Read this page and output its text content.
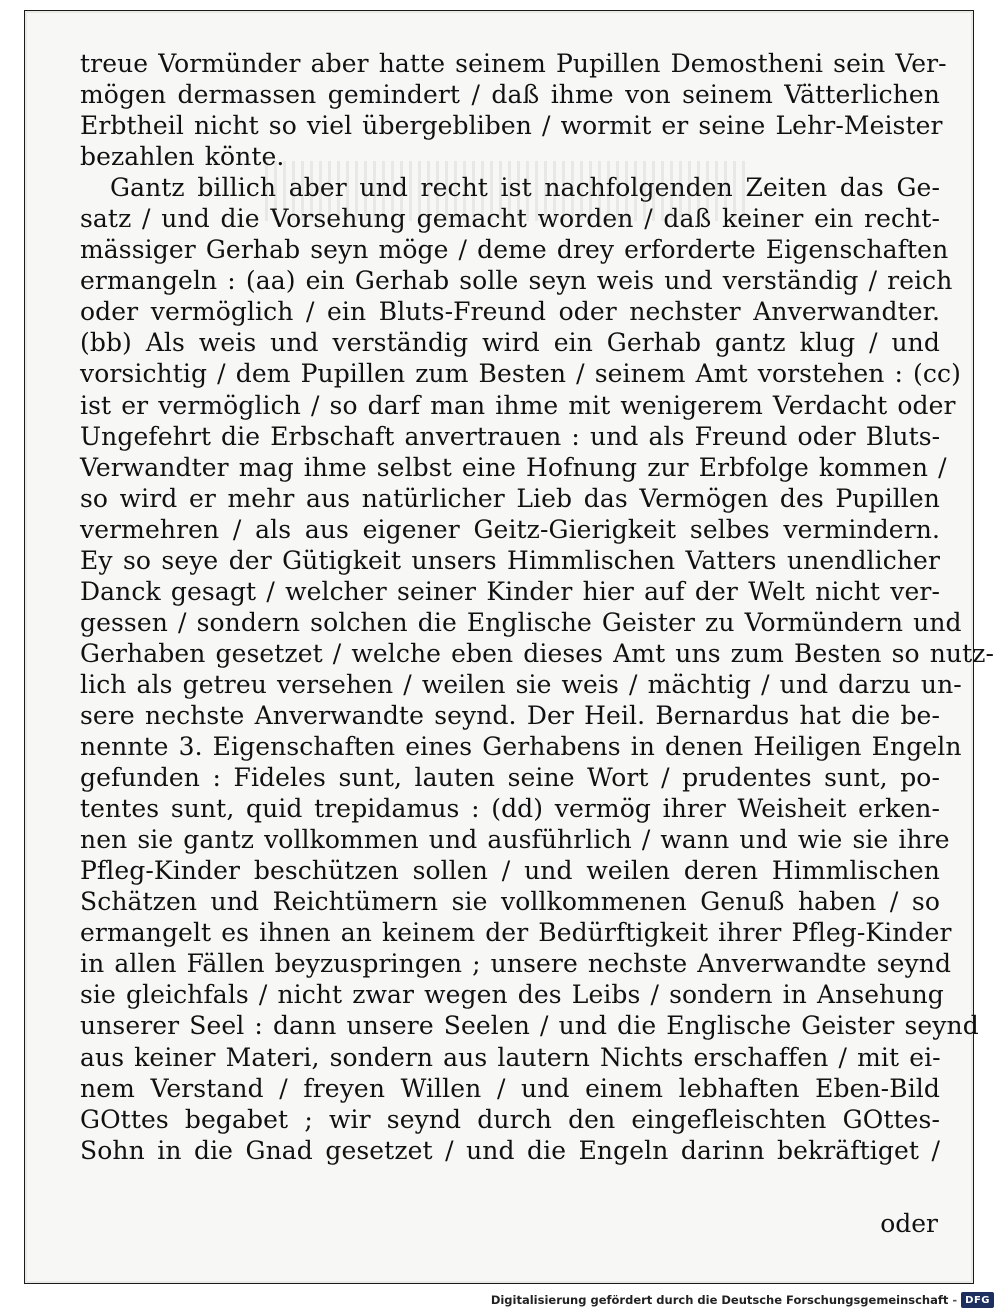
treue Vormünder aber hatte seinem Pupillen Demostheni sein Ver-
mögen dermassen gemindert / daß ihme von seinem Vätterlichen
Erbtheil nicht so viel übergebliben / wormit er seine Lehr-Meister
bezahlen könte.
Gantz billich aber und recht ist nachfolgenden Zeiten das Ge-
satz / und die Vorsehung gemacht worden / daß keiner ein recht-
mässiger Gerhab seyn möge / deme drey erforderte Eigenschaften
ermangeln : (aa) ein Gerhab solle seyn weis und verständig / reich
oder vermöglich / ein Bluts-Freund oder nechster Anverwandter.
(bb) Als weis und verständig wird ein Gerhab gantz klug / und
vorsichtig / dem Pupillen zum Besten / seinem Amt vorstehen : (cc)
ist er vermöglich / so darf man ihme mit wenigerem Verdacht oder
Ungefehrt die Erbschaft anvertrauen : und als Freund oder Bluts-
Verwandter mag ihme selbst eine Hofnung zur Erbfolge kommen /
so wird er mehr aus natürlicher Lieb das Vermögen des Pupillen
vermehren / als aus eigener Geitz-Gierigkeit selbes vermindern.
Ey so seye der Gütigkeit unsers Himmlischen Vatters unendlicher
Danck gesagt / welcher seiner Kinder hier auf der Welt nicht ver-
gessen / sondern solchen die Englische Geister zu Vormündern und
Gerhaben gesetzet / welche eben dieses Amt uns zum Besten so nutz-
lich als getreu versehen / weilen sie weis / mächtig / und darzu un-
sere nechste Anverwandte seynd. Der Heil. Bernardus hat die be-
nennte 3. Eigenschaften eines Gerhabens in denen Heiligen Engeln
gefunden : Fideles sunt, lauten seine Wort / prudentes sunt, po-
tentes sunt, quid trepidamus : (dd) vermög ihrer Weisheit erken-
nen sie gantz vollkommen und ausführlich / wann und wie sie ihre
Pfleg-Kinder beschützen sollen / und weilen deren Himmlischen
Schätzen und Reichtümern sie vollkommenen Genuß haben / so
ermangelt es ihnen an keinem der Bedürftigkeit ihrer Pfleg-Kinder
in allen Fällen beyzuspringen ; unsere nechste Anverwandte seynd
sie gleichfals / nicht zwar wegen des Leibs / sondern in Ansehung
unserer Seel : dann unsere Seelen / und die Englische Geister seynd
aus keiner Materi, sondern aus lautern Nichts erschaffen / mit ei-
nem Verstand / freyen Willen / und einem lebhaften Eben-Bild
GOttes begabet ; wir seynd durch den eingefleischten GOttes-
Sohn in die Gnad gesetzet / und die Engeln darinn bekräftiget /
oder
Digitalisierung gefördert durch die Deutsche Forschungsgemeinschaft - DFG
